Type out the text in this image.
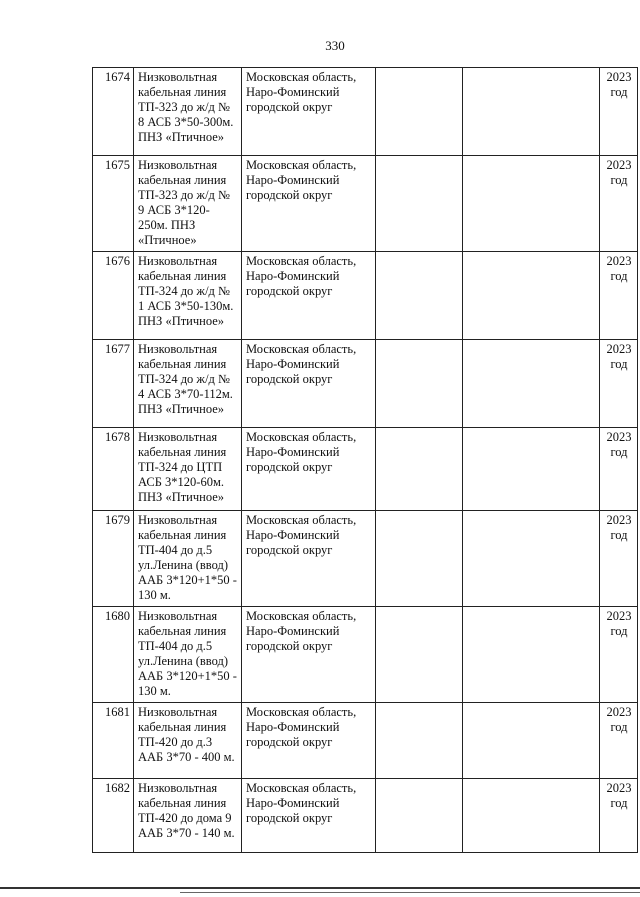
330
1674	Низковольтная кабельная линия ТП-323 до ж/д № 8 АСБ 3*50-300м. ПНЗ «Птичное»	Московская область, Наро-Фоминский городской округ			2023 год
1675	Низковольтная кабельная линия ТП-323 до ж/д № 9 АСБ 3*120-250м. ПНЗ «Птичное»	Московская область, Наро-Фоминский городской округ			2023 год
1676	Низковольтная кабельная линия ТП-324 до ж/д № 1 АСБ 3*50-130м. ПНЗ «Птичное»	Московская область, Наро-Фоминский городской округ			2023 год
1677	Низковольтная кабельная линия ТП-324 до ж/д № 4 АСБ 3*70-112м. ПНЗ «Птичное»	Московская область, Наро-Фоминский городской округ			2023 год
1678	Низковольтная кабельная линия ТП-324 до ЦТП АСБ 3*120-60м. ПНЗ «Птичное»	Московская область, Наро-Фоминский городской округ			2023 год
1679	Низковольтная кабельная линия ТП-404 до д.5 ул.Ленина (ввод) ААБ 3*120+1*50 - 130 м.	Московская область, Наро-Фоминский городской округ			2023 год
1680	Низковольтная кабельная линия ТП-404 до д.5 ул.Ленина (ввод) ААБ 3*120+1*50 - 130 м.	Московская область, Наро-Фоминский городской округ			2023 год
1681	Низковольтная кабельная линия ТП-420 до д.3 ААБ 3*70 - 400 м.	Московская область, Наро-Фоминский городской округ			2023 год
1682	Низковольтная кабельная линия ТП-420 до дома 9 ААБ 3*70 - 140 м.	Московская область, Наро-Фоминский городской округ			2023 год
